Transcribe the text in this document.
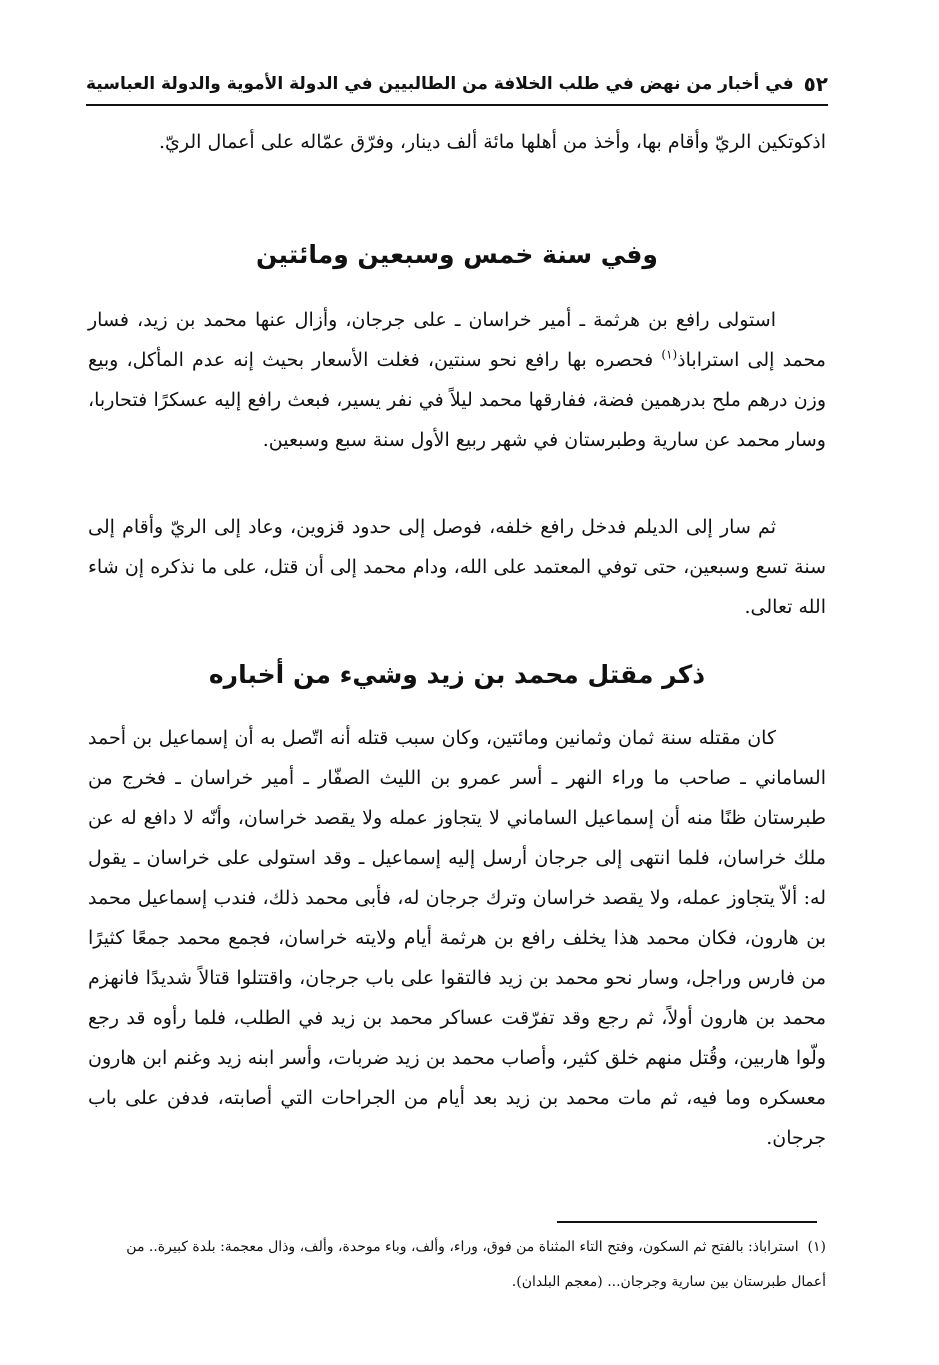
٥٢
في أخبار من نهض في طلب الخلافة من الطالبيين في الدولة الأموية والدولة العباسية

اذكوتكين الريّ وأقام بها، وأخذ من أهلها مائة ألف دينار، وفرّق عمّاله على أعمال الريّ.

وفي سنة خمس وسبعين ومائتين

استولى رافع بن هرثمة ـ أمير خراسان ـ على جرجان، وأزال عنها محمد بن زيد، فسار محمد إلى استراباذ$^{(١)}$ فحصره بها رافع نحو سنتين، فغلت الأسعار بحيث إنه عدم المأكل، وبيع وزن درهم ملح بدرهمين فضة، ففارقها محمد ليلاً في نفر يسير، فبعث رافع إليه عسكرًا فتحاربا، وسار محمد عن سارية وطبرستان في شهر ربيع الأول سنة سبع وسبعين.

ثم سار إلى الديلم فدخل رافع خلفه، فوصل إلى حدود قزوين، وعاد إلى الريّ وأقام إلى سنة تسع وسبعين، حتى توفي المعتمد على الله، ودام محمد إلى أن قتل، على ما نذكره إن شاء الله تعالى.

ذكر مقتل محمد بن زيد وشيء من أخباره

كان مقتله سنة ثمان وثمانين ومائتين، وكان سبب قتله أنه اتّصل به أن إسماعيل بن أحمد الساماني ـ صاحب ما وراء النهر ـ أسر عمرو بن الليث الصفّار ـ أمير خراسان ـ فخرج من طبرستان ظنًا منه أن إسماعيل الساماني لا يتجاوز عمله ولا يقصد خراسان، وأنّه لا دافع له عن ملك خراسان، فلما انتهى إلى جرجان أرسل إليه إسماعيل ـ وقد استولى على خراسان ـ يقول له: ألاّ يتجاوز عمله، ولا يقصد خراسان وترك جرجان له، فأبى محمد ذلك، فندب إسماعيل محمد بن هارون، فكان محمد هذا يخلف رافع بن هرثمة أيام ولايته خراسان، فجمع محمد جمعًا كثيرًا من فارس وراجل، وسار نحو محمد بن زيد فالتقوا على باب جرجان، واقتتلوا قتالاً شديدًا فانهزم محمد بن هارون أولاً، ثم رجع وقد تفرّقت عساكر محمد بن زيد في الطلب، فلما رأوه قد رجع ولّوا هاربين، وقُتل منهم خلق كثير، وأصاب محمد بن زيد ضربات، وأسر ابنه زيد وغنم ابن هارون معسكره وما فيه، ثم مات محمد بن زيد بعد أيام من الجراحات التي أصابته، فدفن على باب جرجان.

(١)  استراباذ: بالفتح ثم السكون، وفتح التاء المثناة من فوق، وراء، وألف، وباء موحدة، وألف، وذال معجمة: بلدة كبيرة.. من أعمال طبرستان بين سارية وجرجان... (معجم البلدان).
